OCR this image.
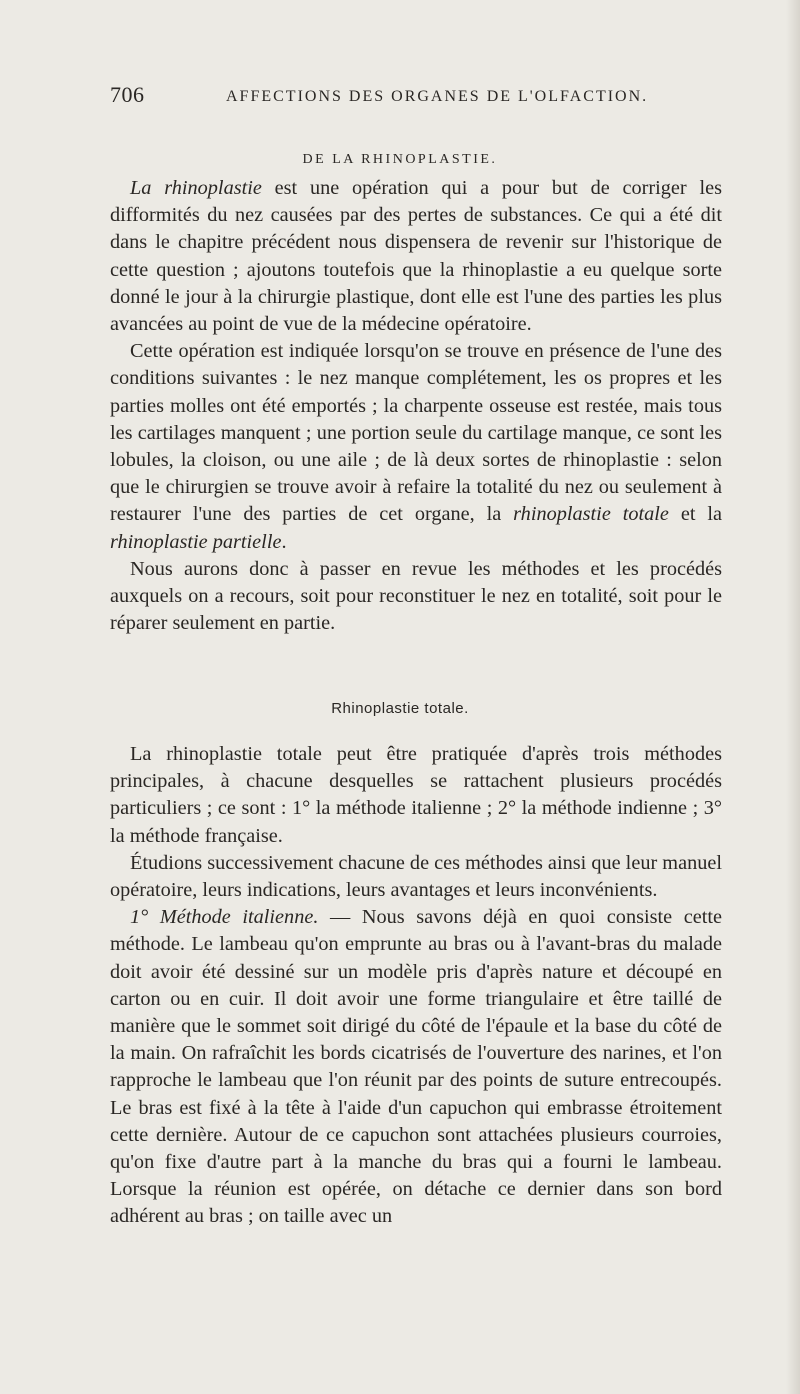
706	AFFECTIONS DES ORGANES DE L'OLFACTION.
DE LA RHINOPLASTIE.

La rhinoplastie est une opération qui a pour but de corriger les difformités du nez causées par des pertes de substances. Ce qui a été dit dans le chapitre précédent nous dispensera de revenir sur l'historique de cette question ; ajoutons toutefois que la rhinoplastie a eu quelque sorte donné le jour à la chirurgie plastique, dont elle est l'une des parties les plus avancées au point de vue de la médecine opératoire.

Cette opération est indiquée lorsqu'on se trouve en présence de l'une des conditions suivantes : le nez manque complétement, les os propres et les parties molles ont été emportés ; la charpente osseuse est restée, mais tous les cartilages manquent ; une portion seule du cartilage manque, ce sont les lobules, la cloison, ou une aile ; de là deux sortes de rhinoplastie : selon que le chirurgien se trouve avoir à refaire la totalité du nez ou seulement à restaurer l'une des parties de cet organe, la rhinoplastie totale et la rhinoplastie partielle.

Nous aurons donc à passer en revue les méthodes et les procédés auxquels on a recours, soit pour reconstituer le nez en totalité, soit pour le réparer seulement en partie.

Rhinoplastie totale.

La rhinoplastie totale peut être pratiquée d'après trois méthodes principales, à chacune desquelles se rattachent plusieurs procédés particuliers ; ce sont : 1° la méthode italienne ; 2° la méthode indienne ; 3° la méthode française.

Étudions successivement chacune de ces méthodes ainsi que leur manuel opératoire, leurs indications, leurs avantages et leurs inconvénients.

1° Méthode italienne. — Nous savons déjà en quoi consiste cette méthode. Le lambeau qu'on emprunte au bras ou à l'avant-bras du malade doit avoir été dessiné sur un modèle pris d'après nature et découpé en carton ou en cuir. Il doit avoir une forme triangulaire et être taillé de manière que le sommet soit dirigé du côté de l'épaule et la base du côté de la main. On rafraîchit les bords cicatrisés de l'ouverture des narines, et l'on rapproche le lambeau que l'on réunit par des points de suture entrecoupés. Le bras est fixé à la tête à l'aide d'un capuchon qui embrasse étroitement cette dernière. Autour de ce capuchon sont attachées plusieurs courroies, qu'on fixe d'autre part à la manche du bras qui a fourni le lambeau. Lorsque la réunion est opérée, on détache ce dernier dans son bord adhérent au bras ; on taille avec un
